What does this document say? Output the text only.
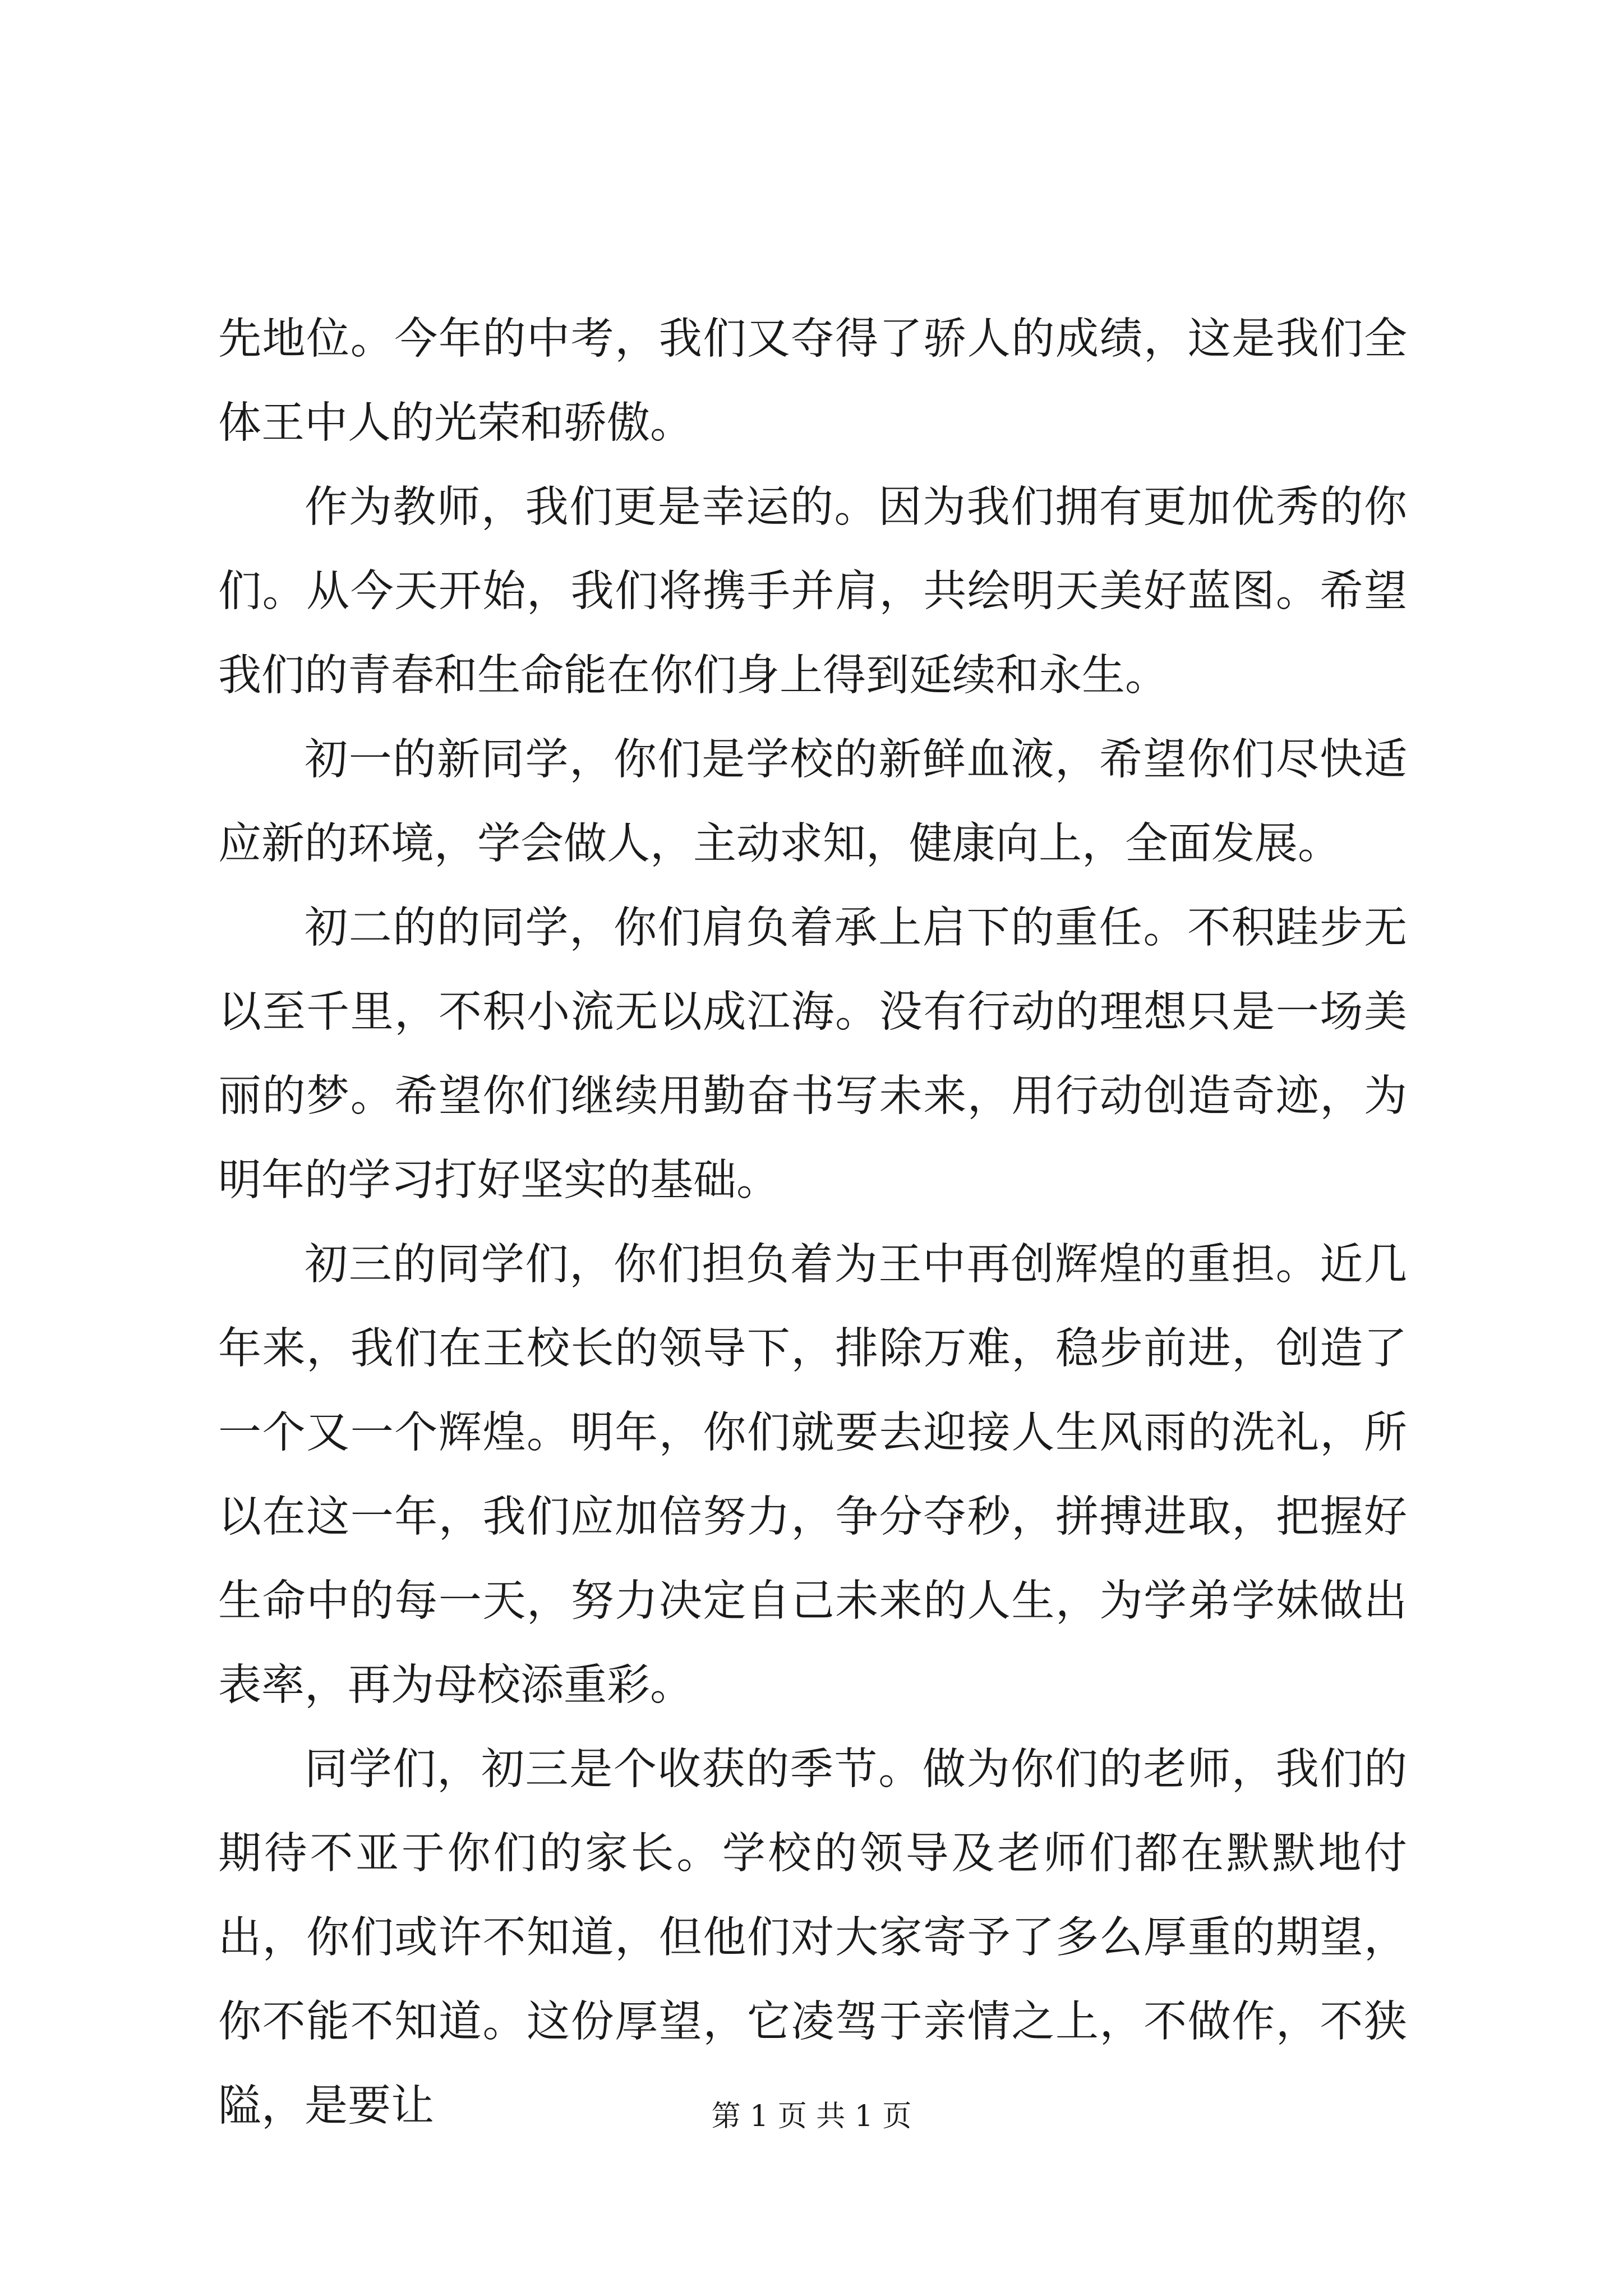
先地位。今年的中考，我们又夺得了骄人的成绩，这是我们全体王中人的光荣和骄傲。

作为教师，我们更是幸运的。因为我们拥有更加优秀的你们。从今天开始，我们将携手并肩，共绘明天美好蓝图。希望我们的青春和生命能在你们身上得到延续和永生。

初一的新同学，你们是学校的新鲜血液，希望你们尽快适应新的环境，学会做人，主动求知，健康向上，全面发展。

初二的的同学，你们肩负着承上启下的重任。不积跬步无以至千里，不积小流无以成江海。没有行动的理想只是一场美丽的梦。希望你们继续用勤奋书写未来，用行动创造奇迹，为明年的学习打好坚实的基础。

初三的同学们，你们担负着为王中再创辉煌的重担。近几年来，我们在王校长的领导下，排除万难，稳步前进，创造了一个又一个辉煌。明年，你们就要去迎接人生风雨的洗礼，所以在这一年，我们应加倍努力，争分夺秒，拼搏进取，把握好生命中的每一天，努力决定自己未来的人生，为学弟学妹做出表率，再为母校添重彩。

同学们，初三是个收获的季节。做为你们的老师，我们的期待不亚于你们的家长。学校的领导及老师们都在默默地付出，你们或许不知道，但他们对大家寄予了多么厚重的期望，你不能不知道。这份厚望，它凌驾于亲情之上，不做作，不狭隘，是要让	第 1 页 共 1 页
